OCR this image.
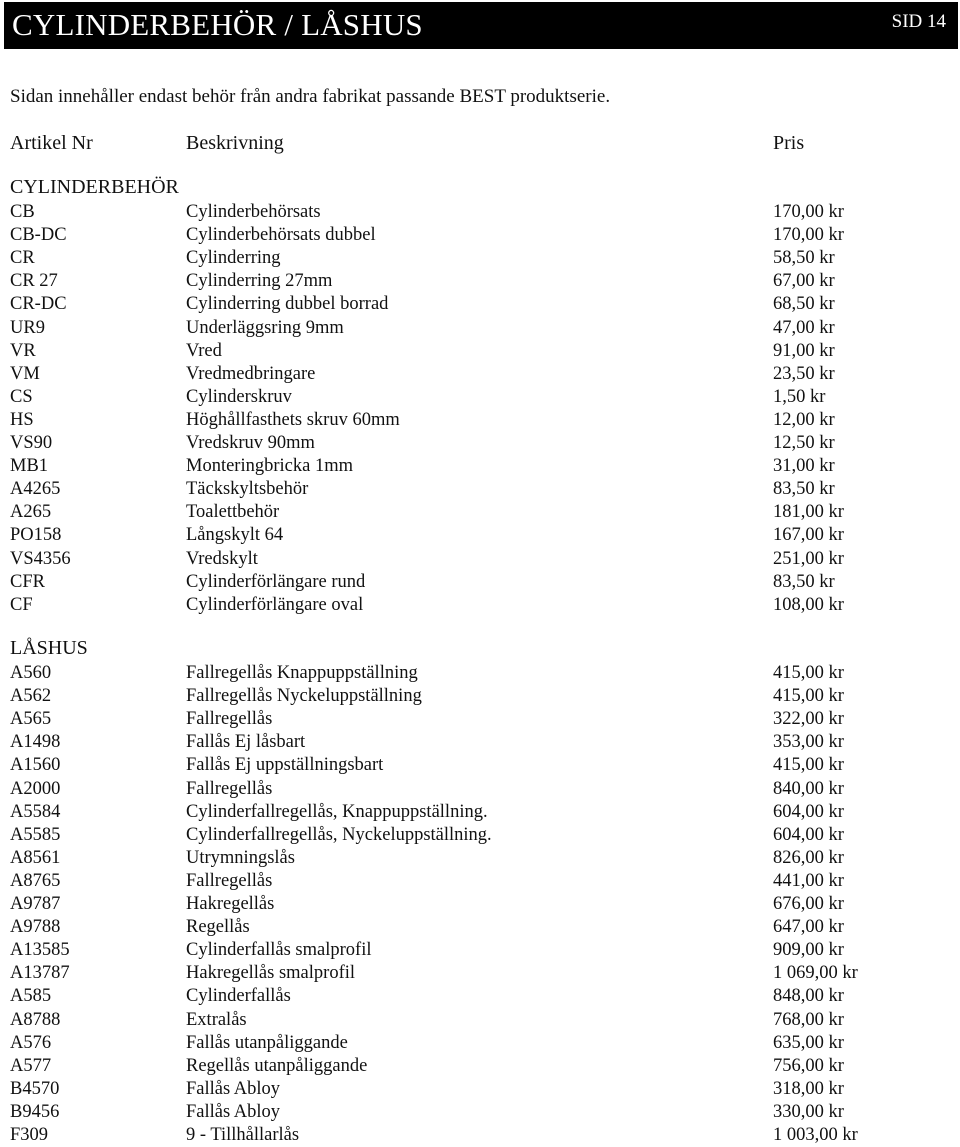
CYLINDERBEHÖR / LÅSHUS	SID 14
Sidan innehåller endast behör från andra fabrikat passande BEST produktserie.
Artikel Nr	Beskrivning	Pris
CYLINDERBEHÖR
CB	Cylinderbehörsats	170,00 kr
CB-DC	Cylinderbehörsats dubbel	170,00 kr
CR	Cylinderring	58,50 kr
CR 27	Cylinderring 27mm	67,00 kr
CR-DC	Cylinderring dubbel borrad	68,50 kr
UR9	Underläggsring 9mm	47,00 kr
VR	Vred	91,00 kr
VM	Vredmedbringare	23,50 kr
CS	Cylinderskruv	1,50 kr
HS	Höghållfasthets skruv 60mm	12,00 kr
VS90	Vredskruv 90mm	12,50 kr
MB1	Monteringbricka 1mm	31,00 kr
A4265	Täckskyltsbehör	83,50 kr
A265	Toalettbehör	181,00 kr
PO158	Långskylt 64	167,00 kr
VS4356	Vredskylt	251,00 kr
CFR	Cylinderförlängare rund	83,50 kr
CF	Cylinderförlängare oval	108,00 kr
LÅSHUS
A560	Fallregellås Knappuppställning	415,00 kr
A562	Fallregellås Nyckeluppställning	415,00 kr
A565	Fallregellås	322,00 kr
A1498	Fallås Ej låsbart	353,00 kr
A1560	Fallås Ej uppställningsbart	415,00 kr
A2000	Fallregellås	840,00 kr
A5584	Cylinderfallregellås, Knappuppställning.	604,00 kr
A5585	Cylinderfallregellås, Nyckeluppställning.	604,00 kr
A8561	Utrymningslås	826,00 kr
A8765	Fallregellås	441,00 kr
A9787	Hakregellås	676,00 kr
A9788	Regellås	647,00 kr
A13585	Cylinderfallås smalprofil	909,00 kr
A13787	Hakregellås smalprofil	1 069,00 kr
A585	Cylinderfallås	848,00 kr
A8788	Extralås	768,00 kr
A576	Fallås utanpåliggande	635,00 kr
A577	Regellås utanpåliggande	756,00 kr
B4570	Fallås Abloy	318,00 kr
B9456	Fallås Abloy	330,00 kr
F309	9 - Tillhållarlås	1 003,00 kr
